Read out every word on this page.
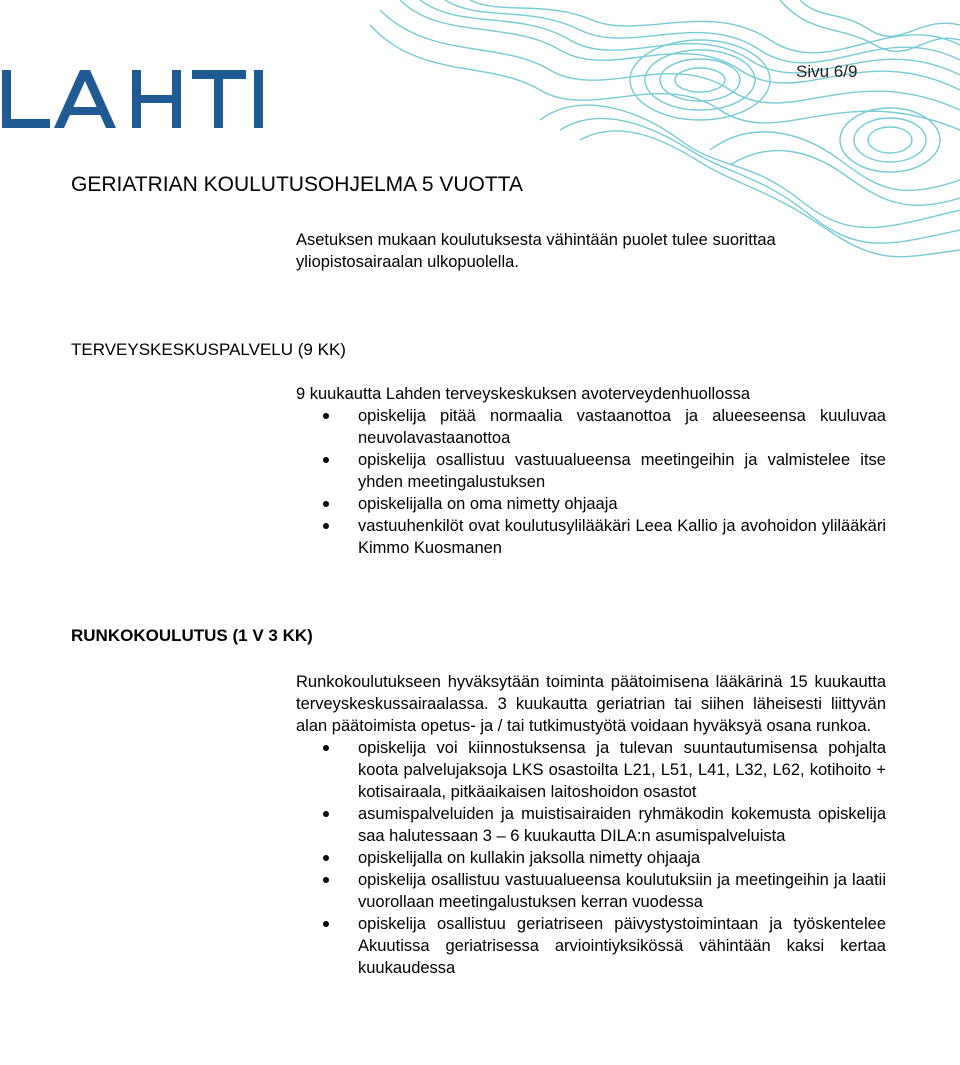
Sivu 6/9
GERIATRIAN KOULUTUSOHJELMA 5 VUOTTA
Asetuksen mukaan koulutuksesta vähintään puolet tulee suorittaa yliopistosairaalan ulkopuolella.
TERVEYSKESKUSPALVELU (9 KK)
9 kuukautta Lahden terveyskeskuksen avoterveydenhuollossa
opiskelija pitää normaalia vastaanottoa ja alueeseensa kuuluvaa neuvolavastaanottoa
opiskelija osallistuu vastuualueensa meetingeihin ja valmistelee itse yhden meetingalustuksen
opiskelijalla on oma nimetty ohjaaja
vastuuhenkilöt ovat koulutusylilääkäri Leea Kallio ja avohoidon ylilääkäri Kimmo Kuosmanen
RUNKOKOULUTUS (1 V 3 KK)
Runkokoulutukseen hyväksytään toiminta päätoimisena lääkärinä 15 kuukautta terveyskeskussairaalassa. 3 kuukautta geriatrian tai siihen läheisesti liittyvän alan päätoimista opetus- ja / tai tutkimustyötä voidaan hyväksyä osana runkoa.
opiskelija voi kiinnostuksensa ja tulevan suuntautumisensa pohjalta koota palvelujaksoja LKS osastoilta L21, L51, L41, L32, L62, kotihoito + kotisairaala, pitkäaikaisen laitoshoidon osastot
asumispalveluiden ja muistisairaiden ryhmäkodin kokemusta opiskelija saa halutessaan 3 – 6 kuukautta DILA:n asumispalveluista
opiskelijalla on kullakin jaksolla nimetty ohjaaja
opiskelija osallistuu vastuualueensa koulutuksiin ja meetingeihin ja laatii vuorollaan meetingalustuksen kerran vuodessa
opiskelija osallistuu geriatriseen päivystystoimintaan ja työskentelee Akuutissa geriatrisessa arviointiyksikössä vähintään kaksi kertaa kuukaudessa
